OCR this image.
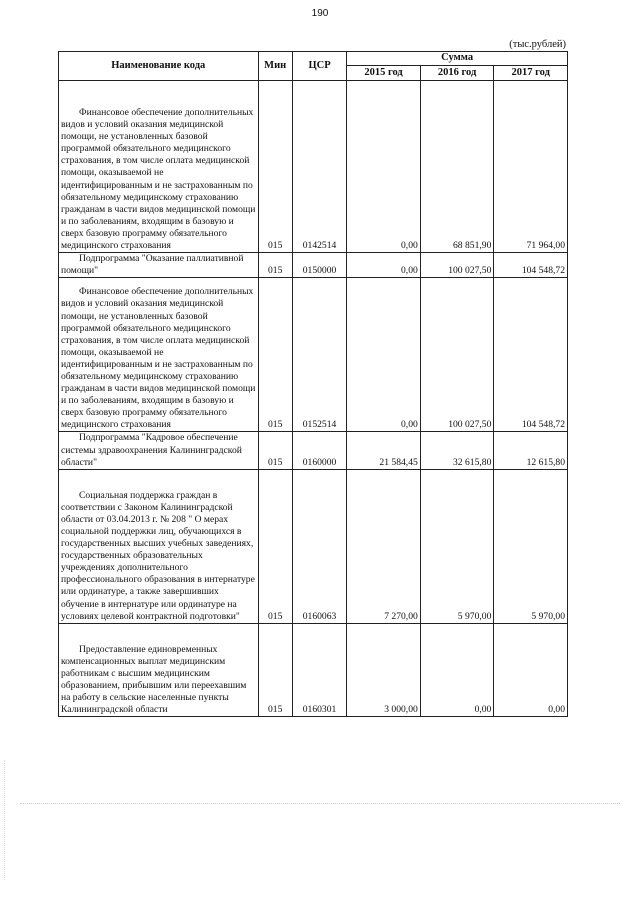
190
(тыс.рублей)
Наименование кода	Мин	ЦСР	Сумма		
			2015 год	2016 год	2017 год

Финансовое обеспечение дополнительных видов и условий оказания медицинской помощи, не установленных базовой программой обязательного медицинского страхования, в том числе оплата медицинской помощи, оказываемой не идентифицированным и не застрахованным по обязательному медицинскому страхованию гражданам в части видов медицинской помощи и по заболеваниям, входящим в базовую и сверх базовую программу обязательного медицинского страхования	015	0142514	0,00	68 851,90	71 964,00

Подпрограмма "Оказание паллиативной помощи"	015	0150000	0,00	100 027,50	104 548,72

Финансовое обеспечение дополнительных видов и условий оказания медицинской помощи, не установленных базовой программой обязательного медицинского страхования, в том числе оплата медицинской помощи, оказываемой не идентифицированным и не застрахованным по обязательному медицинскому страхованию гражданам в части видов медицинской помощи и по заболеваниям, входящим в базовую и сверх базовую программу обязательного медицинского страхования	015	0152514	0,00	100 027,50	104 548,72

Подпрограмма "Кадровое обеспечение системы здравоохранения Калининградской области"	015	0160000	21 584,45	32 615,80	12 615,80

Социальная поддержка граждан в соответствии с Законом Калининградской области от 03.04.2013 г. № 208 " О мерах социальной поддержки лиц, обучающихся в государственных высших учебных заведениях, государственных образовательных учреждениях дополнительного профессионального образования в интернатуре или ординатуре, а также завершивших обучение в интернатуре или ординатуре на условиях целевой контрактной подготовки"	015	0160063	7 270,00	5 970,00	5 970,00

Предоставление единовременных компенсационных выплат медицинским работникам с высшим медицинским образованием, прибывшим или переехавшим на работу в сельские населенные пункты Калининградской области	015	0160301	3 000,00	0,00	0,00
